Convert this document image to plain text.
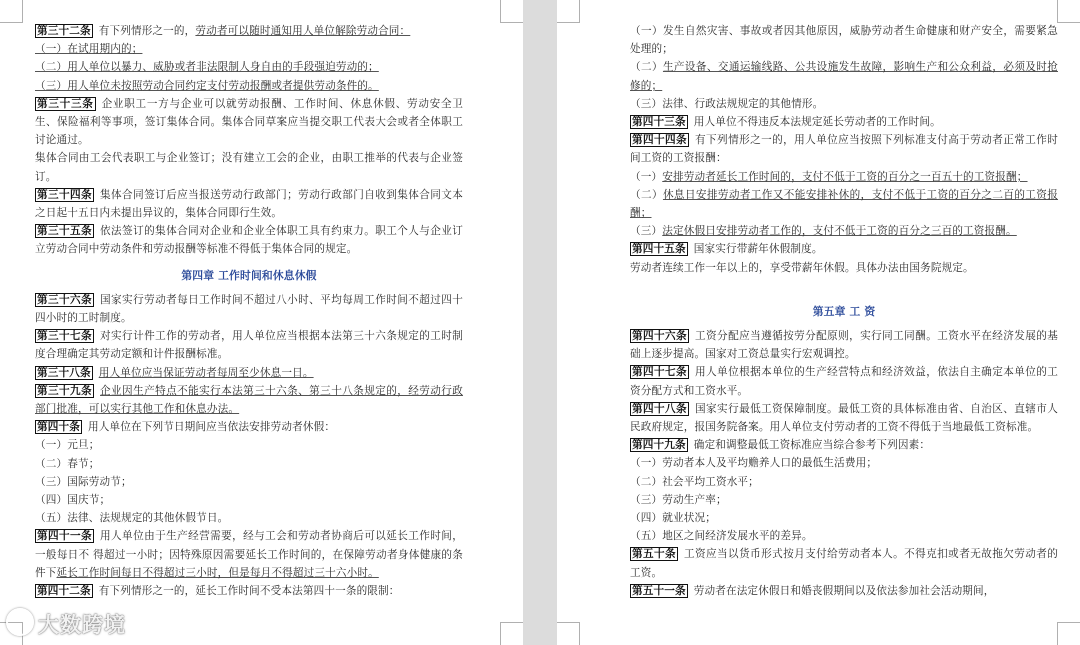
第三十二条 有下列情形之一的，劳动者可以随时通知用人单位解除劳动合同：

（一）在试用期内的；

（二）用人单位以暴力、威胁或者非法限制人身自由的手段强迫劳动的；

（三）用人单位未按照劳动合同约定支付劳动报酬或者提供劳动条件的。

第三十三条 企业职工一方与企业可以就劳动报酬、工作时间、休息休假、劳动安全卫生、保险福利等事项，签订集体合同。集体合同草案应当提交职工代表大会或者全体职工讨论通过。

集体合同由工会代表职工与企业签订；没有建立工会的企业，由职工推举的代表与企业签订。

第三十四条 集体合同签订后应当报送劳动行政部门；劳动行政部门自收到集体合同文本之日起十五日内未提出异议的，集体合同即行生效。

第三十五条 依法签订的集体合同对企业和企业全体职工具有约束力。职工个人与企业订立劳动合同中劳动条件和劳动报酬等标准不得低于集体合同的规定。

第四章 工作时间和休息休假

第三十六条 国家实行劳动者每日工作时间不超过八小时、平均每周工作时间不超过四十四小时的工时制度。

第三十七条 对实行计件工作的劳动者，用人单位应当根据本法第三十六条规定的工时制度合理确定其劳动定额和计件报酬标准。

第三十八条 用人单位应当保证劳动者每周至少休息一日。

第三十九条 企业因生产特点不能实行本法第三十六条、第三十八条规定的，经劳动行政部门批准，可以实行其他工作和休息办法。

第四十条 用人单位在下列节日期间应当依法安排劳动者休假：

（一）元旦；

（二）春节；

（三）国际劳动节；

（四）国庆节；

（五）法律、法规规定的其他休假节日。

第四十一条 用人单位由于生产经营需要，经与工会和劳动者协商后可以延长工作时间，一般每日不 得超过一小时；因特殊原因需要延长工作时间的，在保障劳动者身体健康的条件下延长工作时间每日不得超过三小时，但是每月不得超过三十六小时。

第四十二条 有下列情形之一的，延长工作时间不受本法第四十一条的限制：

（一）发生自然灾害、事故或者因其他原因，威胁劳动者生命健康和财产安全，需要紧急处理的；

（二）生产设备、交通运输线路、公共设施发生故障，影响生产和公众利益，必须及时抢修的；

（三）法律、行政法规规定的其他情形。

第四十三条 用人单位不得违反本法规定延长劳动者的工作时间。

第四十四条 有下列情形之一的，用人单位应当按照下列标准支付高于劳动者正常工作时间工资的工资报酬：

（一）安排劳动者延长工作时间的，支付不低于工资的百分之一百五十的工资报酬；

（二）休息日安排劳动者工作又不能安排补休的，支付不低于工资的百分之二百的工资报酬；

（三）法定休假日安排劳动者工作的，支付不低于工资的百分之三百的工资报酬。

第四十五条 国家实行带薪年休假制度。

劳动者连续工作一年以上的，享受带薪年休假。具体办法由国务院规定。

第五章 工 资

第四十六条 工资分配应当遵循按劳分配原则，实行同工同酬。工资水平在经济发展的基础上逐步提高。国家对工资总量实行宏观调控。

第四十七条 用人单位根据本单位的生产经营特点和经济效益，依法自主确定本单位的工资分配方式和工资水平。

第四十八条 国家实行最低工资保障制度。最低工资的具体标准由省、自治区、直辖市人民政府规定，报国务院备案。用人单位支付劳动者的工资不得低于当地最低工资标准。

第四十九条 确定和调整最低工资标准应当综合参考下列因素：

（一）劳动者本人及平均赡养人口的最低生活费用；

（二）社会平均工资水平；

（三）劳动生产率；

（四）就业状况；

（五）地区之间经济发展水平的差异。

第五十条 工资应当以货币形式按月支付给劳动者本人。不得克扣或者无故拖欠劳动者的工资。

第五十一条 劳动者在法定休假日和婚丧假期间以及依法参加社会活动期间，

大数跨境
